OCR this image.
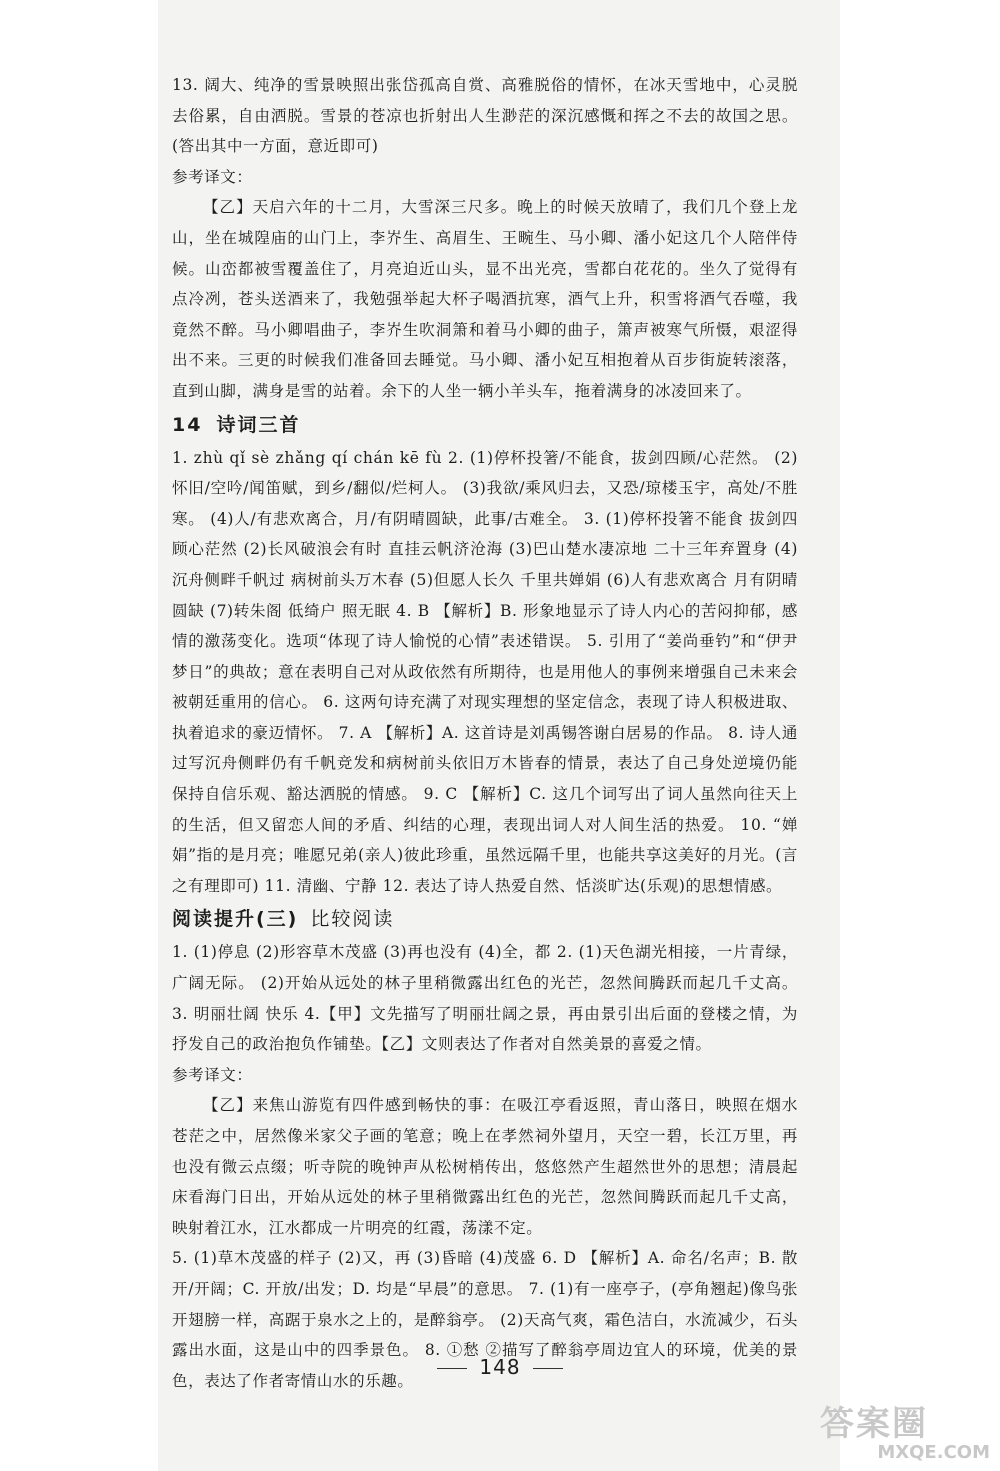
13. 阔大、纯净的雪景映照出张岱孤高自赏、高雅脱俗的情怀，在冰天雪地中，心灵脱去俗累，自由洒脱。雪景的苍凉也折射出人生渺茫的深沉感慨和挥之不去的故国之思。(答出其中一方面，意近即可)

参考译文：

【乙】天启六年的十二月，大雪深三尺多。晚上的时候天放晴了，我们几个登上龙山，坐在城隍庙的山门上，李岕生、高眉生、王畹生、马小卿、潘小妃这几个人陪伴侍候。山峦都被雪覆盖住了，月亮迫近山头，显不出光亮，雪都白花花的。坐久了觉得有点冷冽，苍头送酒来了，我勉强举起大杯子喝酒抗寒，酒气上升，积雪将酒气吞噬，我竟然不醉。马小卿唱曲子，李岕生吹洞箫和着马小卿的曲子，箫声被寒气所慑，艰涩得出不来。三更的时候我们准备回去睡觉。马小卿、潘小妃互相抱着从百步街旋转滚落，直到山脚，满身是雪的站着。余下的人坐一辆小羊头车，拖着满身的冰凌回来了。

14 诗词三首

1. zhù qǐ sè zhǎng qí chán kē fù 2. (1)停杯投箸/不能食，拔剑四顾/心茫然。 (2)怀旧/空吟/闻笛赋，到乡/翻似/烂柯人。 (3)我欲/乘风归去，又恐/琼楼玉宇，高处/不胜寒。 (4)人/有悲欢离合，月/有阴晴圆缺，此事/古难全。 3. (1)停杯投箸不能食 拔剑四顾心茫然 (2)长风破浪会有时 直挂云帆济沧海 (3)巴山楚水凄凉地 二十三年弃置身 (4)沉舟侧畔千帆过 病树前头万木春 (5)但愿人长久 千里共婵娟 (6)人有悲欢离合 月有阴晴圆缺 (7)转朱阁 低绮户 照无眠 4. B 【解析】B. 形象地显示了诗人内心的苦闷抑郁，感情的激荡变化。选项“体现了诗人愉悦的心情”表述错误。 5. 引用了“姜尚垂钓”和“伊尹梦日”的典故；意在表明自己对从政依然有所期待，也是用他人的事例来增强自己未来会被朝廷重用的信心。 6. 这两句诗充满了对现实理想的坚定信念，表现了诗人积极进取、执着追求的豪迈情怀。 7. A 【解析】A. 这首诗是刘禹锡答谢白居易的作品。 8. 诗人通过写沉舟侧畔仍有千帆竞发和病树前头依旧万木皆春的情景，表达了自己身处逆境仍能保持自信乐观、豁达洒脱的情感。 9. C 【解析】C. 这几个词写出了词人虽然向往天上的生活，但又留恋人间的矛盾、纠结的心理，表现出词人对人间生活的热爱。 10. “婵娟”指的是月亮；唯愿兄弟(亲人)彼此珍重，虽然远隔千里，也能共享这美好的月光。(言之有理即可) 11. 清幽、宁静 12. 表达了诗人热爱自然、恬淡旷达(乐观)的思想情感。

阅读提升(三) 比较阅读

1. (1)停息 (2)形容草木茂盛 (3)再也没有 (4)全，都 2. (1)天色湖光相接，一片青绿，广阔无际。 (2)开始从远处的林子里稍微露出红色的光芒，忽然间腾跃而起几千丈高。 3. 明丽壮阔 快乐 4.【甲】文先描写了明丽壮阔之景，再由景引出后面的登楼之情，为抒发自己的政治抱负作铺垫。【乙】文则表达了作者对自然美景的喜爱之情。

参考译文：

【乙】来焦山游览有四件感到畅快的事：在吸江亭看返照，青山落日，映照在烟水苍茫之中，居然像米家父子画的笔意；晚上在孝然祠外望月，天空一碧，长江万里，再也没有微云点缀；听寺院的晚钟声从松树梢传出，悠悠然产生超然世外的思想；清晨起床看海门日出，开始从远处的林子里稍微露出红色的光芒，忽然间腾跃而起几千丈高，映射着江水，江水都成一片明亮的红霞，荡漾不定。

5. (1)草木茂盛的样子 (2)又，再 (3)昏暗 (4)茂盛 6. D 【解析】A. 命名/名声；B. 散开/开阔；C. 开放/出发；D. 均是“早晨”的意思。 7. (1)有一座亭子，(亭角翘起)像鸟张开翅膀一样，高踞于泉水之上的，是醉翁亭。 (2)天高气爽，霜色洁白，水流减少，石头露出水面，这是山中的四季景色。 8. ①愁 ②描写了醉翁亭周边宜人的环境，优美的景色，表达了作者寄情山水的乐趣。

148
答案圈
MXQE.COM
